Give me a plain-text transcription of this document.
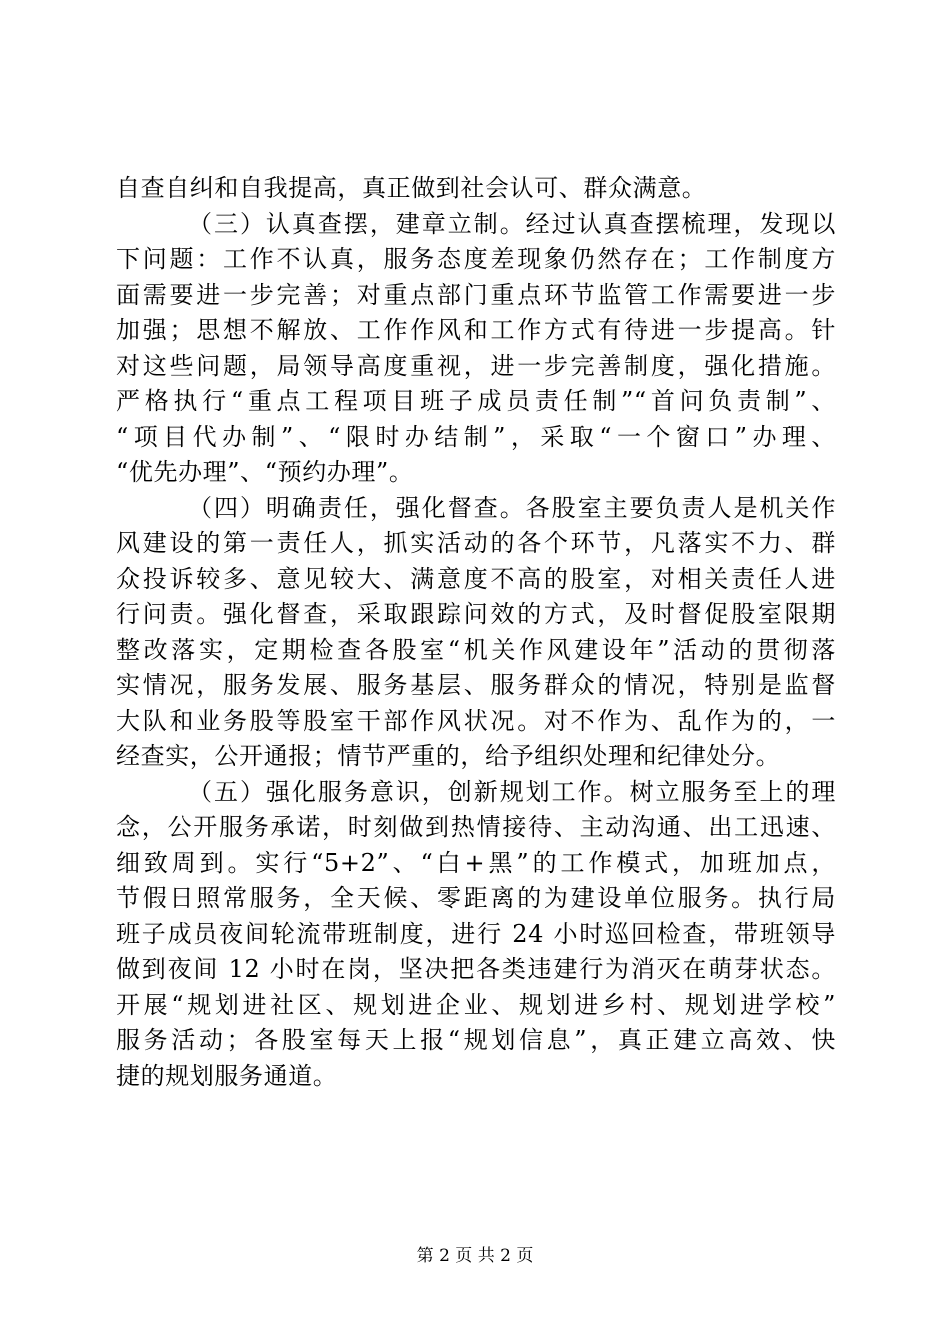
自查自纠和自我提高，真正做到社会认可、群众满意。
（三）认真查摆，建章立制。经过认真查摆梳理，发现以
下问题：工作不认真，服务态度差现象仍然存在；工作制度方
面需要进一步完善；对重点部门重点环节监管工作需要进一步
加强；思想不解放、工作作风和工作方式有待进一步提高。针
对这些问题，局领导高度重视，进一步完善制度，强化措施。
严格执行“重点工程项目班子成员责任制”“首问负责制”、
“项目代办制”、“限时办结制”，采取“一个窗口”办理、
“优先办理”、“预约办理”。
（四）明确责任，强化督查。各股室主要负责人是机关作
风建设的第一责任人，抓实活动的各个环节，凡落实不力、群
众投诉较多、意见较大、满意度不高的股室，对相关责任人进
行问责。强化督查，采取跟踪问效的方式，及时督促股室限期
整改落实，定期检查各股室“机关作风建设年”活动的贯彻落
实情况，服务发展、服务基层、服务群众的情况，特别是监督
大队和业务股等股室干部作风状况。对不作为、乱作为的，一
经查实，公开通报；情节严重的，给予组织处理和纪律处分。
（五）强化服务意识，创新规划工作。树立服务至上的理
念，公开服务承诺，时刻做到热情接待、主动沟通、出工迅速、
细致周到。实行“5+2”、“白+黑”的工作模式，加班加点，
节假日照常服务，全天候、零距离的为建设单位服务。执行局
班子成员夜间轮流带班制度，进行 24 小时巡回检查，带班领导
做到夜间 12 小时在岗，坚决把各类违建行为消灭在萌芽状态。
开展“规划进社区、规划进企业、规划进乡村、规划进学校”
服务活动；各股室每天上报“规划信息”，真正建立高效、快
捷的规划服务通道。
第 2 页 共 2 页
